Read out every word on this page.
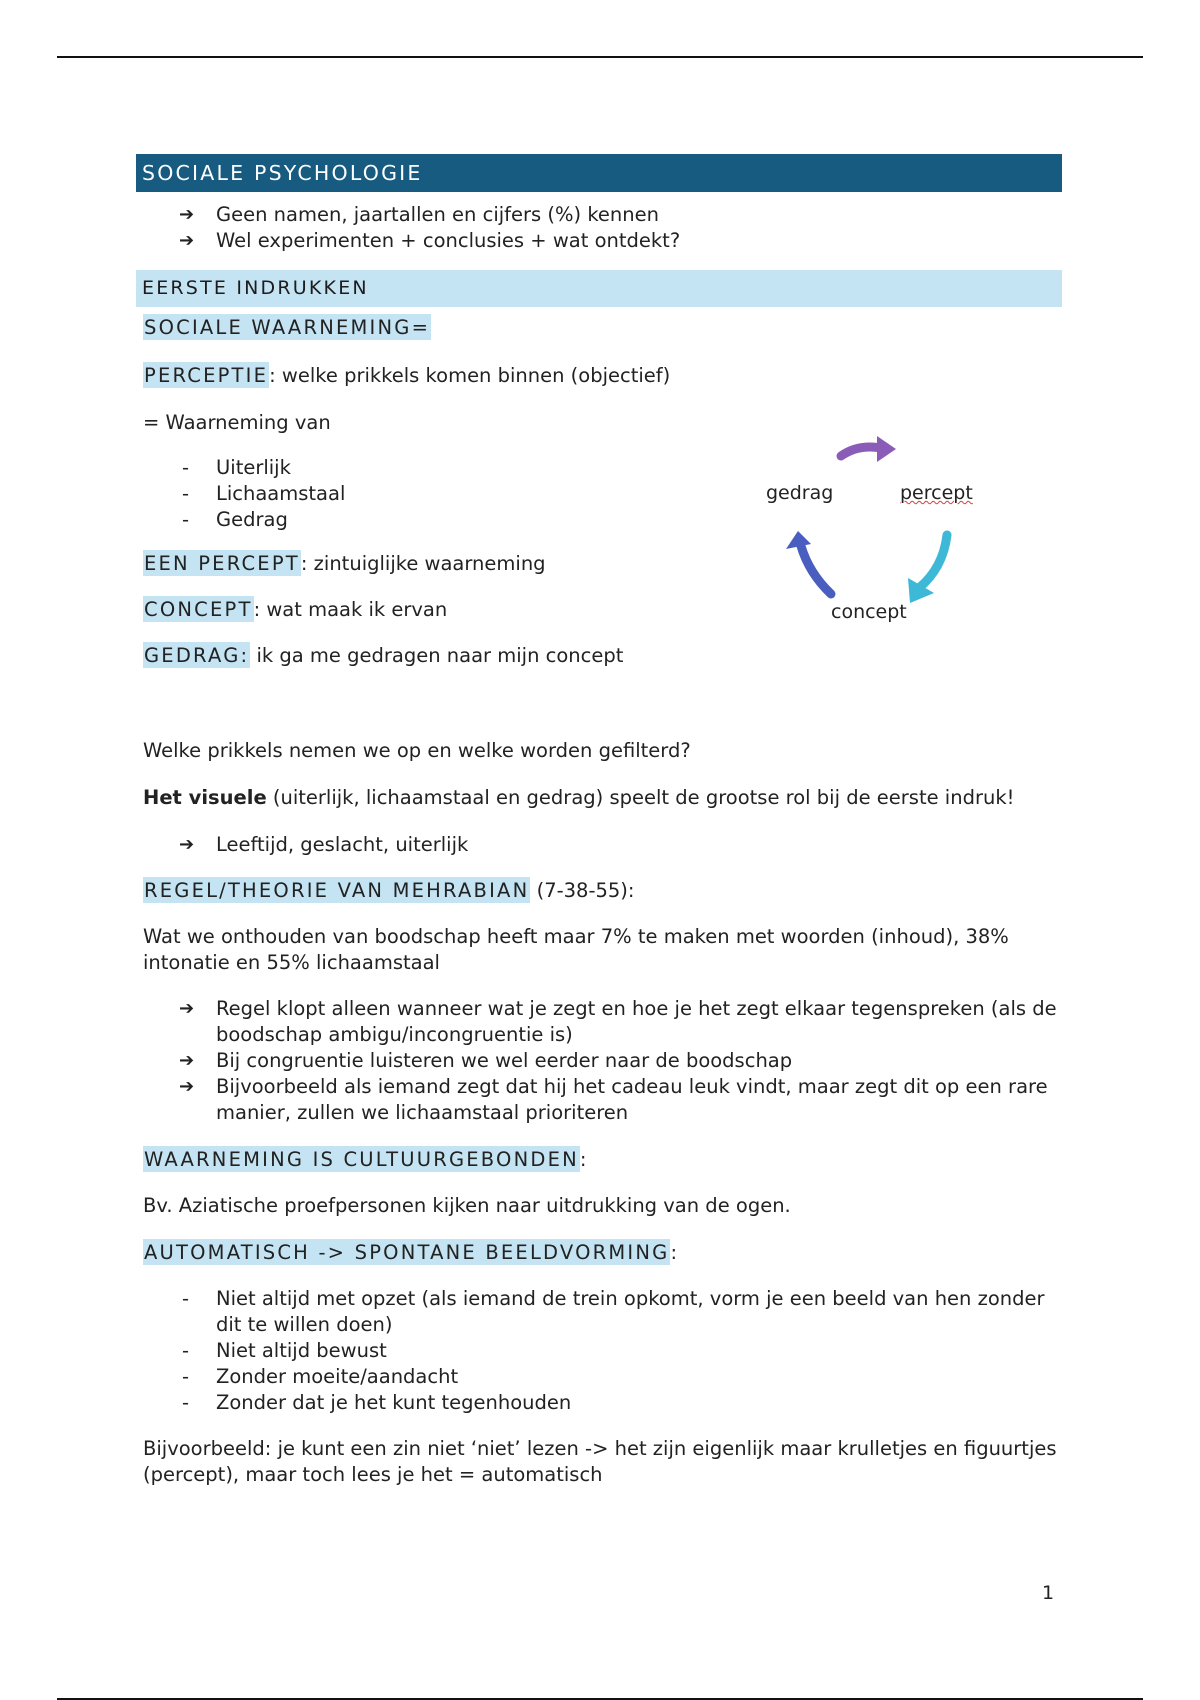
SOCIALE PSYCHOLOGIE
➔ Geen namen, jaartallen en cijfers (%) kennen
➔ Wel experimenten + conclusies + wat ontdekt?
EERSTE INDRUKKEN

SOCIALE WAARNEMING=

PERCEPTIE: welke prikkels komen binnen (objectief)

= Waarneming van

- Uiterlijk
- Lichaamstaal
- Gedrag

EEN PERCEPT: zintuiglijke waarneming

CONCEPT: wat maak ik ervan

GEDRAG: ik ga me gedragen naar mijn concept

Welke prikkels nemen we op en welke worden gefilterd?

Het visuele (uiterlijk, lichaamstaal en gedrag) speelt de grootse rol bij de eerste indruk!

➔ Leeftijd, geslacht, uiterlijk

REGEL/THEORIE VAN MEHRABIAN (7-38-55):

Wat we onthouden van boodschap heeft maar 7% te maken met woorden (inhoud), 38% intonatie en 55% lichaamstaal

➔ Regel klopt alleen wanneer wat je zegt en hoe je het zegt elkaar tegenspreken (als de boodschap ambigu/incongruentie is)
➔ Bij congruentie luisteren we wel eerder naar de boodschap
➔ Bijvoorbeeld als iemand zegt dat hij het cadeau leuk vindt, maar zegt dit op een rare manier, zullen we lichaamstaal prioriteren

WAARNEMING IS CULTUURGEBONDEN:

Bv. Aziatische proefpersonen kijken naar uitdrukking van de ogen.

AUTOMATISCH -> SPONTANE BEELDVORMING:

- Niet altijd met opzet (als iemand de trein opkomt, vorm je een beeld van hen zonder dit te willen doen)
- Niet altijd bewust
- Zonder moeite/aandacht
- Zonder dat je het kunt tegenhouden

Bijvoorbeeld: je kunt een zin niet ‘niet’ lezen -> het zijn eigenlijk maar krulletjes en figuurtjes (percept), maar toch lees je het = automatisch

gedrag	percept
concept
1
